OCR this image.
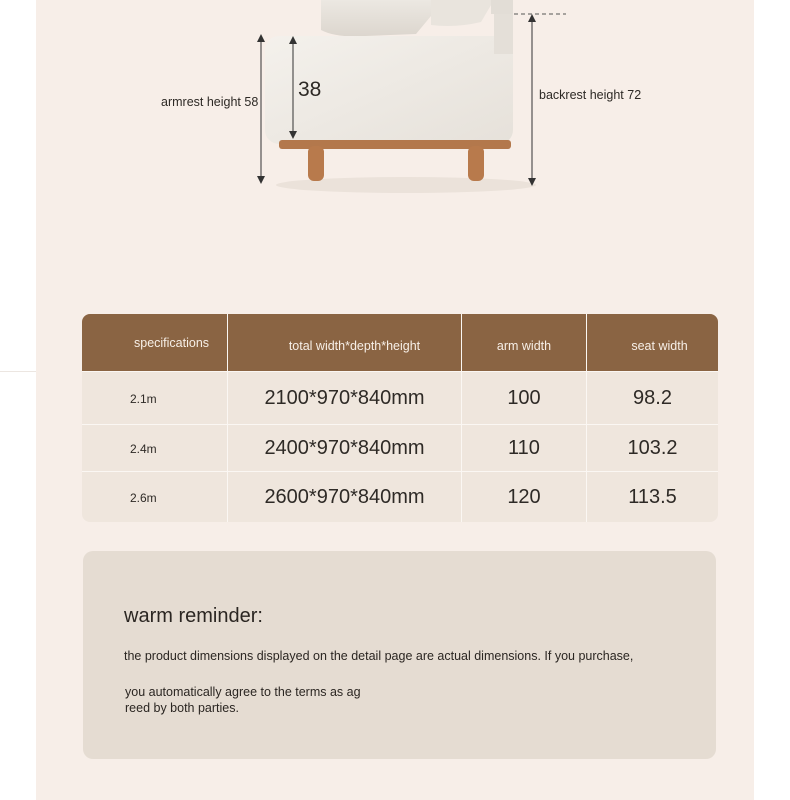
armrest height 58
38	backrest height 72
specifications	total width*depth*height	arm width	seat width
2.1m	2100*970*840mm	100	98.2
2.4m	2400*970*840mm	110	103.2
2.6m	2600*970*840mm	120	113.5
warm reminder:
the product dimensions displayed on the detail page are actual dimensions. If you purchase,
you automatically agree to the terms as ag
reed by both parties.
